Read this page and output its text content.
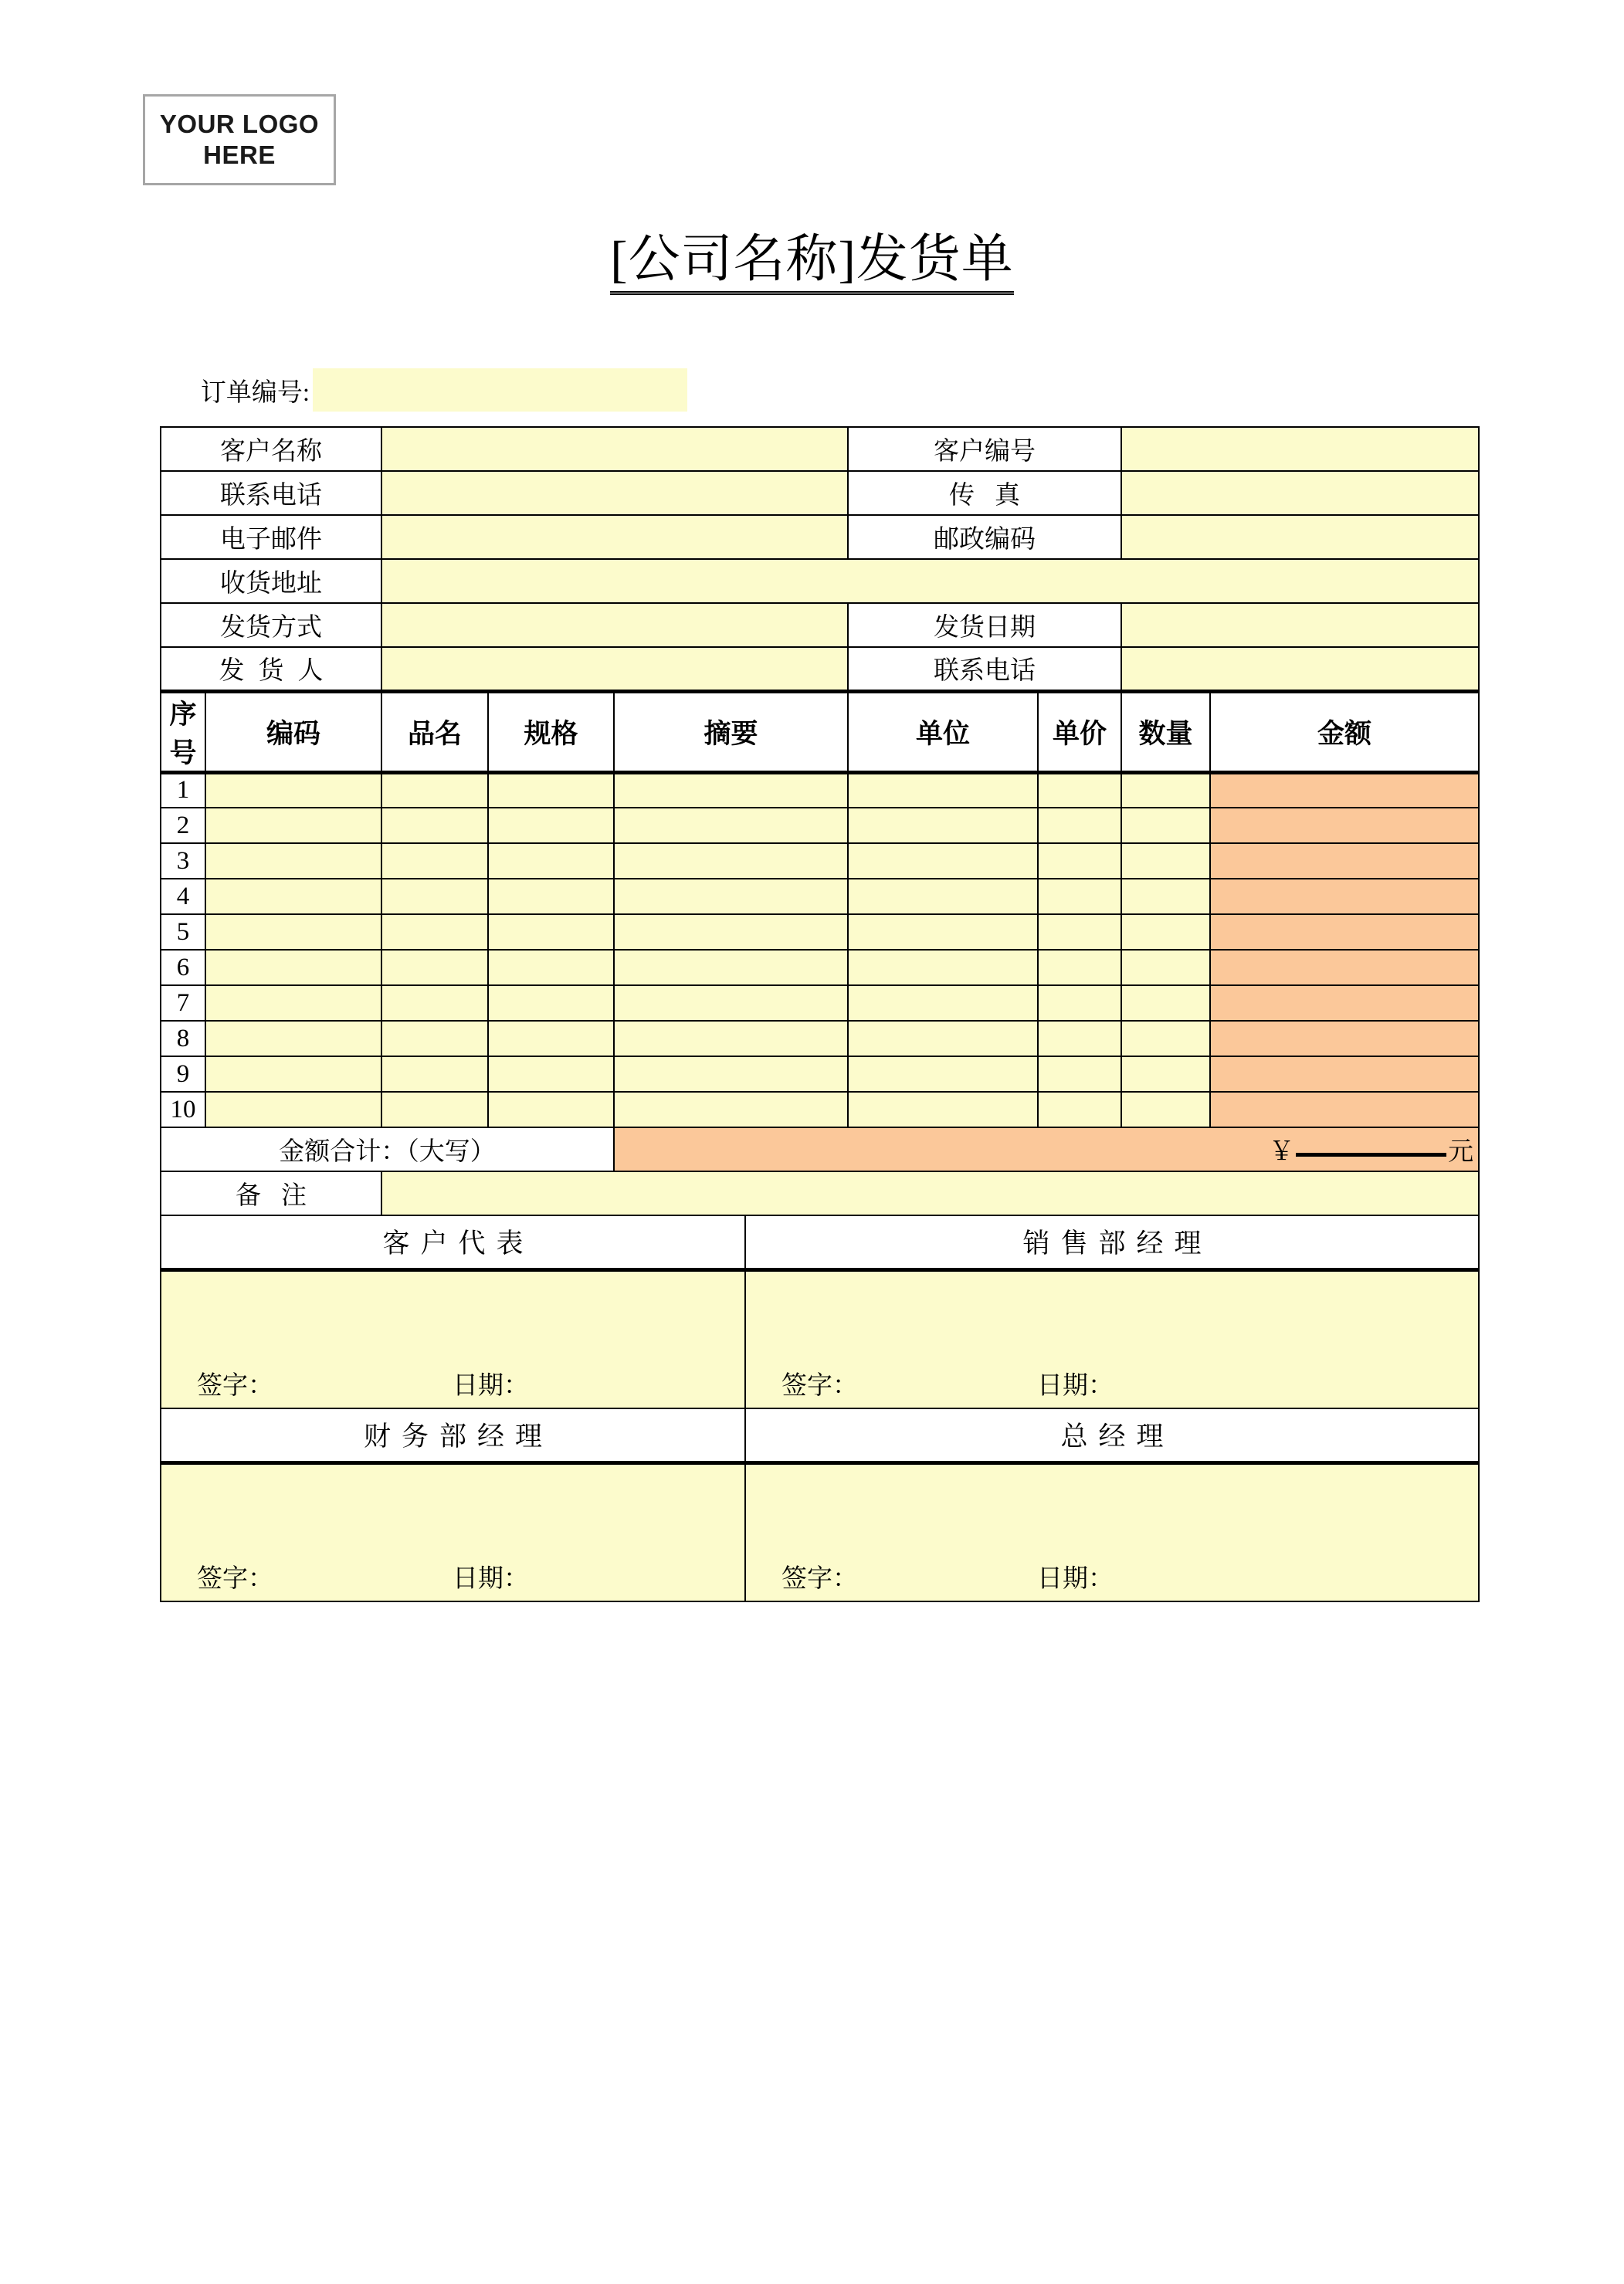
YOUR LOGO
HERE
[公司名称]发货单
订单编号:
客户名称						客户编号			
联系电话						传真			
电子邮件						邮政编码			
收货地址									
发货方式						发货日期			
发货人						联系电话			
序号	编码	品名	规格	摘要		单位	单价	数量	金额
1									
2									
3									
4									
5									
6									
7									
8									
9									
10									
金额合计：（大写）				￥ 元					
备注									
客户代表					销售部经理				

签字： 日期：					签字： 日期：				

财务部经理					总经理				

签字： 日期：					签字： 日期：				
